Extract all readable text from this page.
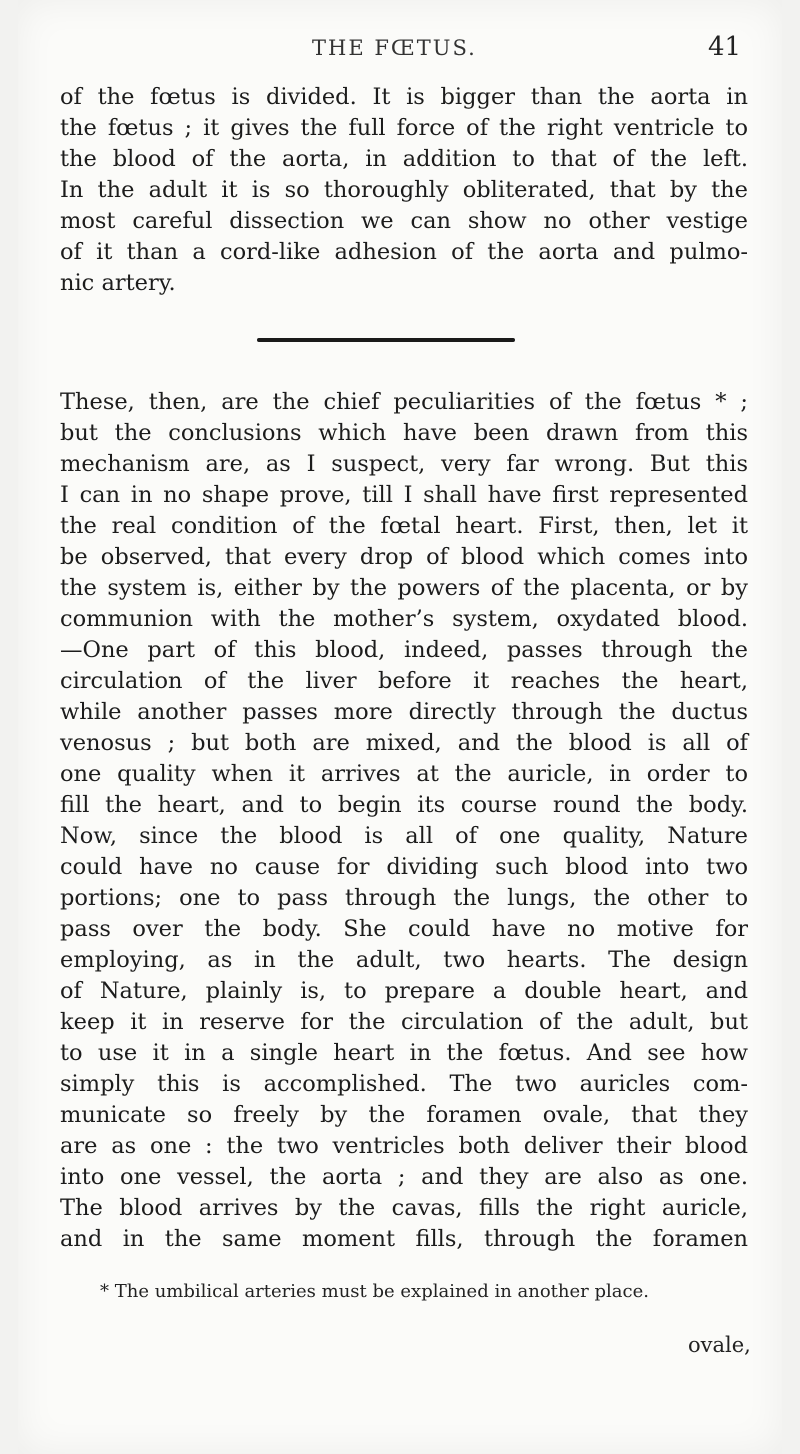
THE FŒTUS.	41
of the fœtus is divided. It is bigger than the aorta in
the fœtus ; it gives the full force of the right ventricle to
the blood of the aorta, in addition to that of the left.
In the adult it is so thoroughly obliterated, that by the
most careful dissection we can show no other vestige
of it than a cord-like adhesion of the aorta and pulmo-
nic artery.
These, then, are the chief peculiarities of the fœtus * ;
but the conclusions which have been drawn from this
mechanism are, as I suspect, very far wrong. But this
I can in no shape prove, till I shall have first represented
the real condition of the fœtal heart. First, then, let it
be observed, that every drop of blood which comes into
the system is, either by the powers of the placenta, or by
communion with the mother’s system, oxydated blood.
—One part of this blood, indeed, passes through the
circulation of the liver before it reaches the heart,
while another passes more directly through the ductus
venosus ; but both are mixed, and the blood is all of
one quality when it arrives at the auricle, in order to
fill the heart, and to begin its course round the body.
Now, since the blood is all of one quality, Nature
could have no cause for dividing such blood into two
portions; one to pass through the lungs, the other to
pass over the body. She could have no motive for
employing, as in the adult, two hearts. The design
of Nature, plainly is, to prepare a double heart, and
keep it in reserve for the circulation of the adult, but
to use it in a single heart in the fœtus. And see how
simply this is accomplished. The two auricles com-
municate so freely by the foramen ovale, that they
are as one : the two ventricles both deliver their blood
into one vessel, the aorta ; and they are also as one.
The blood arrives by the cavas, fills the right auricle,
and in the same moment fills, through the foramen
* The umbilical arteries must be explained in another place.
ovale,
